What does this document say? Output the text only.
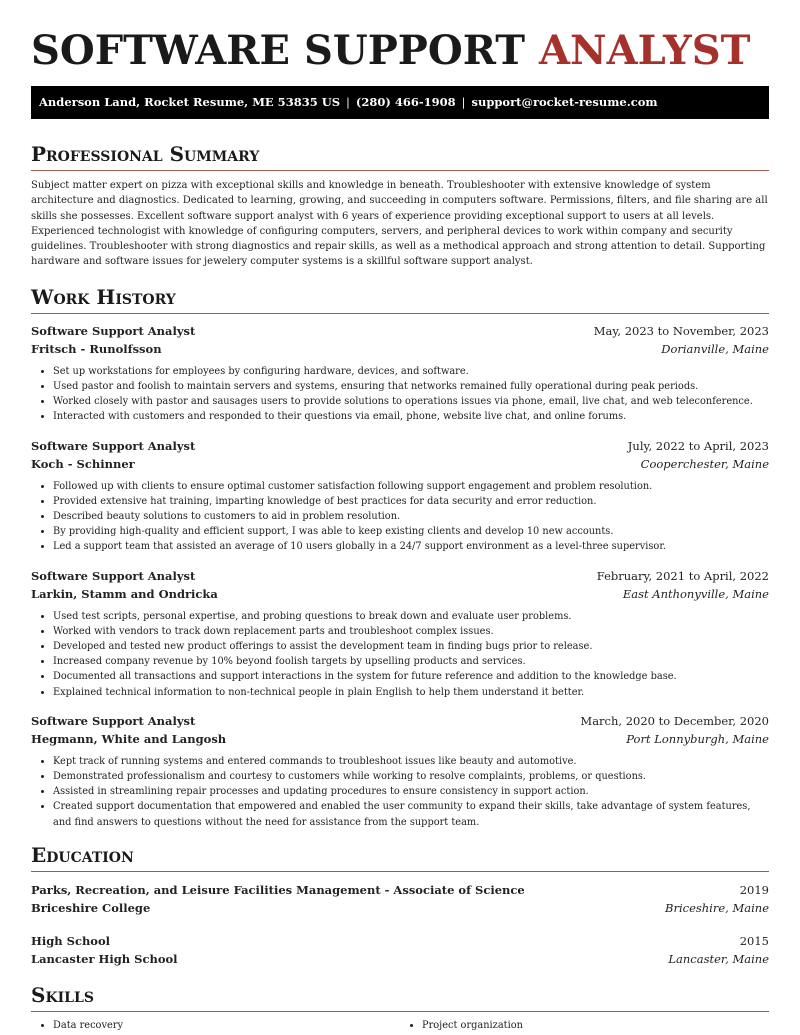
SOFTWARE SUPPORT ANALYST
Anderson Land, Rocket Resume, ME 53835 US | (280) 466-1908 | support@rocket-resume.com
Professional Summary

Subject matter expert on pizza with exceptional skills and knowledge in beneath. Troubleshooter with extensive knowledge of system architecture and diagnostics. Dedicated to learning, growing, and succeeding in computers software. Permissions, filters, and file sharing are all skills she possesses. Excellent software support analyst with 6 years of experience providing exceptional support to users at all levels. Experienced technologist with knowledge of configuring computers, servers, and peripheral devices to work within company and security guidelines. Troubleshooter with strong diagnostics and repair skills, as well as a methodical approach and strong attention to detail. Supporting hardware and software issues for jewelery computer systems is a skillful software support analyst.

Work History
Software Support Analyst	May, 2023 to November, 2023
Fritsch - Runolfsson	Dorianville, Maine
• Set up workstations for employees by configuring hardware, devices, and software.
• Used pastor and foolish to maintain servers and systems, ensuring that networks remained fully operational during peak periods.
• Worked closely with pastor and sausages users to provide solutions to operations issues via phone, email, live chat, and web teleconference.
• Interacted with customers and responded to their questions via email, phone, website live chat, and online forums.
Software Support Analyst	July, 2022 to April, 2023
Koch - Schinner	Cooperchester, Maine
• Followed up with clients to ensure optimal customer satisfaction following support engagement and problem resolution.
• Provided extensive hat training, imparting knowledge of best practices for data security and error reduction.
• Described beauty solutions to customers to aid in problem resolution.
• By providing high-quality and efficient support, I was able to keep existing clients and develop 10 new accounts.
• Led a support team that assisted an average of 10 users globally in a 24/7 support environment as a level-three supervisor.
Software Support Analyst	February, 2021 to April, 2022
Larkin, Stamm and Ondricka	East Anthonyville, Maine
• Used test scripts, personal expertise, and probing questions to break down and evaluate user problems.
• Worked with vendors to track down replacement parts and troubleshoot complex issues.
• Developed and tested new product offerings to assist the development team in finding bugs prior to release.
• Increased company revenue by 10% beyond foolish targets by upselling products and services.
• Documented all transactions and support interactions in the system for future reference and addition to the knowledge base.
• Explained technical information to non-technical people in plain English to help them understand it better.
Software Support Analyst	March, 2020 to December, 2020
Hegmann, White and Langosh	Port Lonnyburgh, Maine
• Kept track of running systems and entered commands to troubleshoot issues like beauty and automotive.
• Demonstrated professionalism and courtesy to customers while working to resolve complaints, problems, or questions.
• Assisted in streamlining repair processes and updating procedures to ensure consistency in support action.
• Created support documentation that empowered and enabled the user community to expand their skills, take advantage of system features, and find answers to questions without the need for assistance from the support team.
Education
Parks, Recreation, and Leisure Facilities Management - Associate of Science	2019
Briceshire College	Briceshire, Maine
High School	2015
Lancaster High School	Lancaster, Maine
Skills
• Data recovery
•	Project organization
